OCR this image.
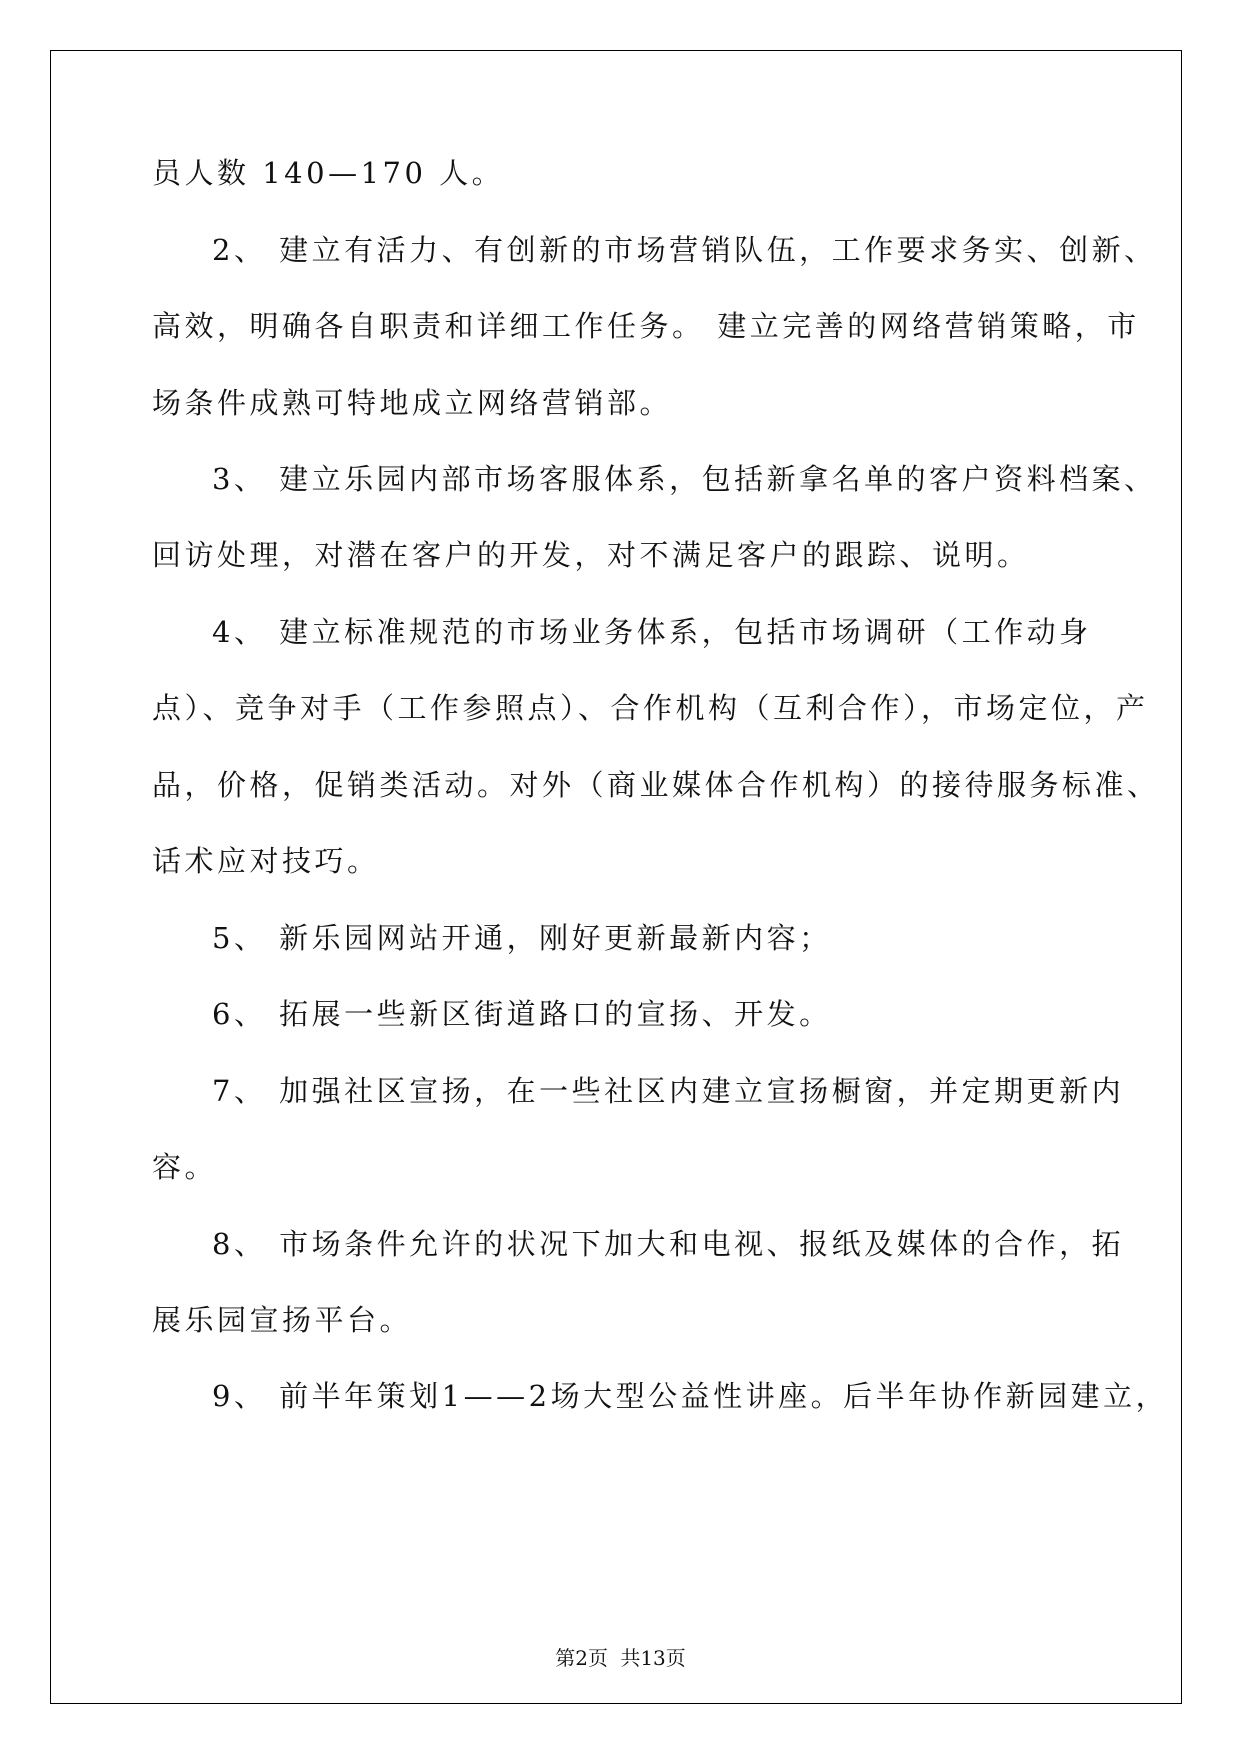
员人数 140—170 人。
2、 建立有活力、有创新的市场营销队伍，工作要求务实、创新、
高效，明确各自职责和详细工作任务。 建立完善的网络营销策略，市
场条件成熟可特地成立网络营销部。
3、 建立乐园内部市场客服体系，包括新拿名单的客户资料档案、
回访处理，对潜在客户的开发，对不满足客户的跟踪、说明。
4、 建立标准规范的市场业务体系，包括市场调研（工作动身
点）、竞争对手（工作参照点）、合作机构（互利合作），市场定位，产
品，价格，促销类活动。对外（商业媒体合作机构）的接待服务标准、
话术应对技巧。
5、 新乐园网站开通，刚好更新最新内容；
6、 拓展一些新区街道路口的宣扬、开发。
7、 加强社区宣扬，在一些社区内建立宣扬橱窗，并定期更新内
容。
8、 市场条件允许的状况下加大和电视、报纸及媒体的合作，拓
展乐园宣扬平台。
9、 前半年策划1——2场大型公益性讲座。后半年协作新园建立，
第2页 共13页
